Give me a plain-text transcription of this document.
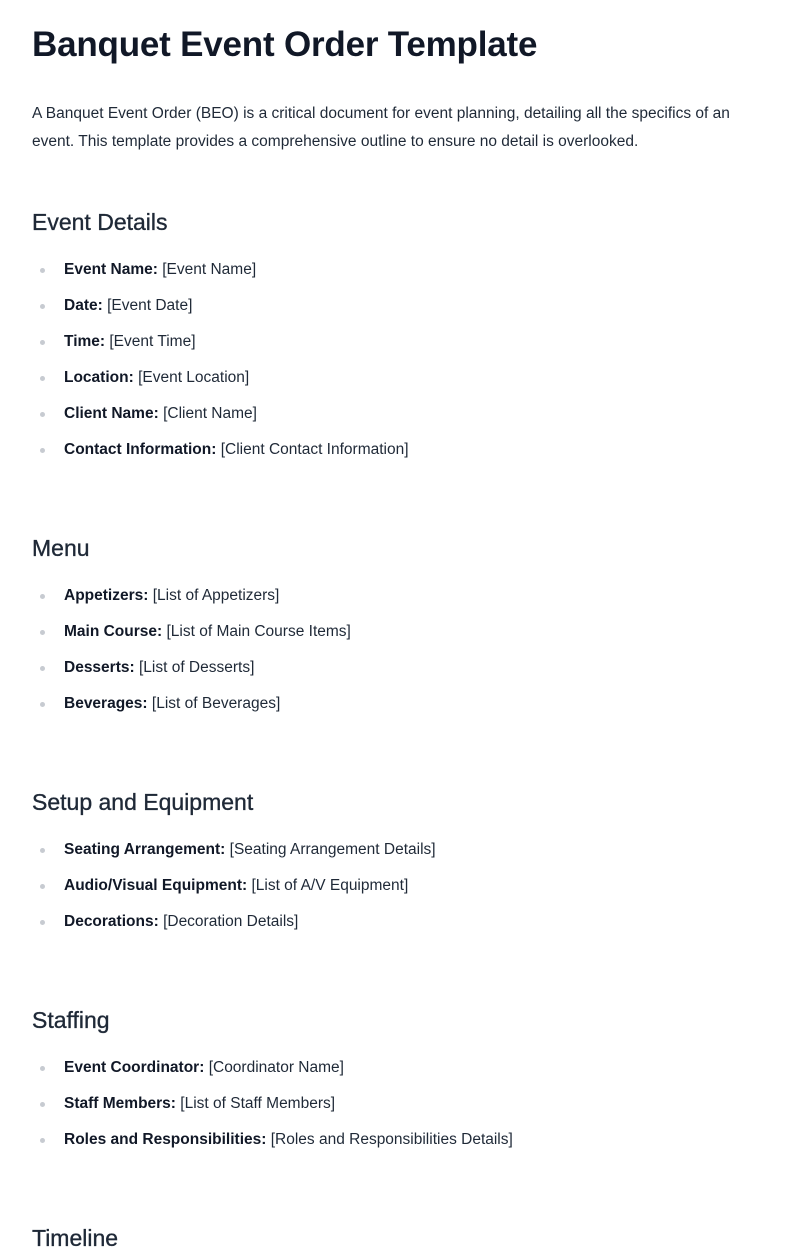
Banquet Event Order Template

A Banquet Event Order (BEO) is a critical document for event planning, detailing all the specifics of an event. This template provides a comprehensive outline to ensure no detail is overlooked.

Event Details
Event Name: [Event Name]
Date: [Event Date]
Time: [Event Time]
Location: [Event Location]
Client Name: [Client Name]
Contact Information: [Client Contact Information]
Menu
Appetizers: [List of Appetizers]
Main Course: [List of Main Course Items]
Desserts: [List of Desserts]
Beverages: [List of Beverages]
Setup and Equipment
Seating Arrangement: [Seating Arrangement Details]
Audio/Visual Equipment: [List of A/V Equipment]
Decorations: [Decoration Details]
Staffing
Event Coordinator: [Coordinator Name]
Staff Members: [List of Staff Members]
Roles and Responsibilities: [Roles and Responsibilities Details]
Timeline
